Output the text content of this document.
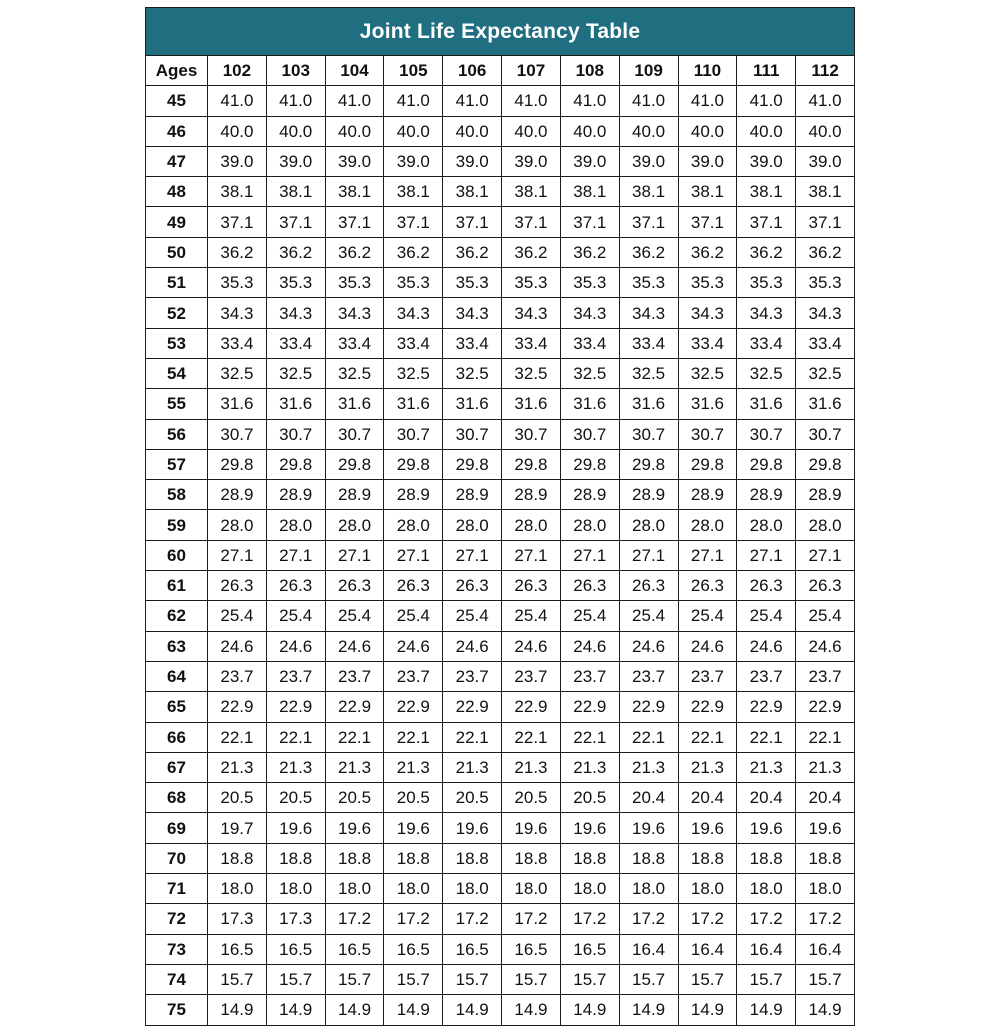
Joint Life Expectancy Table											
Ages	102	103	104	105	106	107	108	109	110	111	112
45	41.0	41.0	41.0	41.0	41.0	41.0	41.0	41.0	41.0	41.0	41.0
46	40.0	40.0	40.0	40.0	40.0	40.0	40.0	40.0	40.0	40.0	40.0
47	39.0	39.0	39.0	39.0	39.0	39.0	39.0	39.0	39.0	39.0	39.0
48	38.1	38.1	38.1	38.1	38.1	38.1	38.1	38.1	38.1	38.1	38.1
49	37.1	37.1	37.1	37.1	37.1	37.1	37.1	37.1	37.1	37.1	37.1
50	36.2	36.2	36.2	36.2	36.2	36.2	36.2	36.2	36.2	36.2	36.2
51	35.3	35.3	35.3	35.3	35.3	35.3	35.3	35.3	35.3	35.3	35.3
52	34.3	34.3	34.3	34.3	34.3	34.3	34.3	34.3	34.3	34.3	34.3
53	33.4	33.4	33.4	33.4	33.4	33.4	33.4	33.4	33.4	33.4	33.4
54	32.5	32.5	32.5	32.5	32.5	32.5	32.5	32.5	32.5	32.5	32.5
55	31.6	31.6	31.6	31.6	31.6	31.6	31.6	31.6	31.6	31.6	31.6
56	30.7	30.7	30.7	30.7	30.7	30.7	30.7	30.7	30.7	30.7	30.7
57	29.8	29.8	29.8	29.8	29.8	29.8	29.8	29.8	29.8	29.8	29.8
58	28.9	28.9	28.9	28.9	28.9	28.9	28.9	28.9	28.9	28.9	28.9
59	28.0	28.0	28.0	28.0	28.0	28.0	28.0	28.0	28.0	28.0	28.0
60	27.1	27.1	27.1	27.1	27.1	27.1	27.1	27.1	27.1	27.1	27.1
61	26.3	26.3	26.3	26.3	26.3	26.3	26.3	26.3	26.3	26.3	26.3
62	25.4	25.4	25.4	25.4	25.4	25.4	25.4	25.4	25.4	25.4	25.4
63	24.6	24.6	24.6	24.6	24.6	24.6	24.6	24.6	24.6	24.6	24.6
64	23.7	23.7	23.7	23.7	23.7	23.7	23.7	23.7	23.7	23.7	23.7
65	22.9	22.9	22.9	22.9	22.9	22.9	22.9	22.9	22.9	22.9	22.9
66	22.1	22.1	22.1	22.1	22.1	22.1	22.1	22.1	22.1	22.1	22.1
67	21.3	21.3	21.3	21.3	21.3	21.3	21.3	21.3	21.3	21.3	21.3
68	20.5	20.5	20.5	20.5	20.5	20.5	20.5	20.4	20.4	20.4	20.4
69	19.7	19.6	19.6	19.6	19.6	19.6	19.6	19.6	19.6	19.6	19.6
70	18.8	18.8	18.8	18.8	18.8	18.8	18.8	18.8	18.8	18.8	18.8
71	18.0	18.0	18.0	18.0	18.0	18.0	18.0	18.0	18.0	18.0	18.0
72	17.3	17.3	17.2	17.2	17.2	17.2	17.2	17.2	17.2	17.2	17.2
73	16.5	16.5	16.5	16.5	16.5	16.5	16.5	16.4	16.4	16.4	16.4
74	15.7	15.7	15.7	15.7	15.7	15.7	15.7	15.7	15.7	15.7	15.7
75	14.9	14.9	14.9	14.9	14.9	14.9	14.9	14.9	14.9	14.9	14.9
